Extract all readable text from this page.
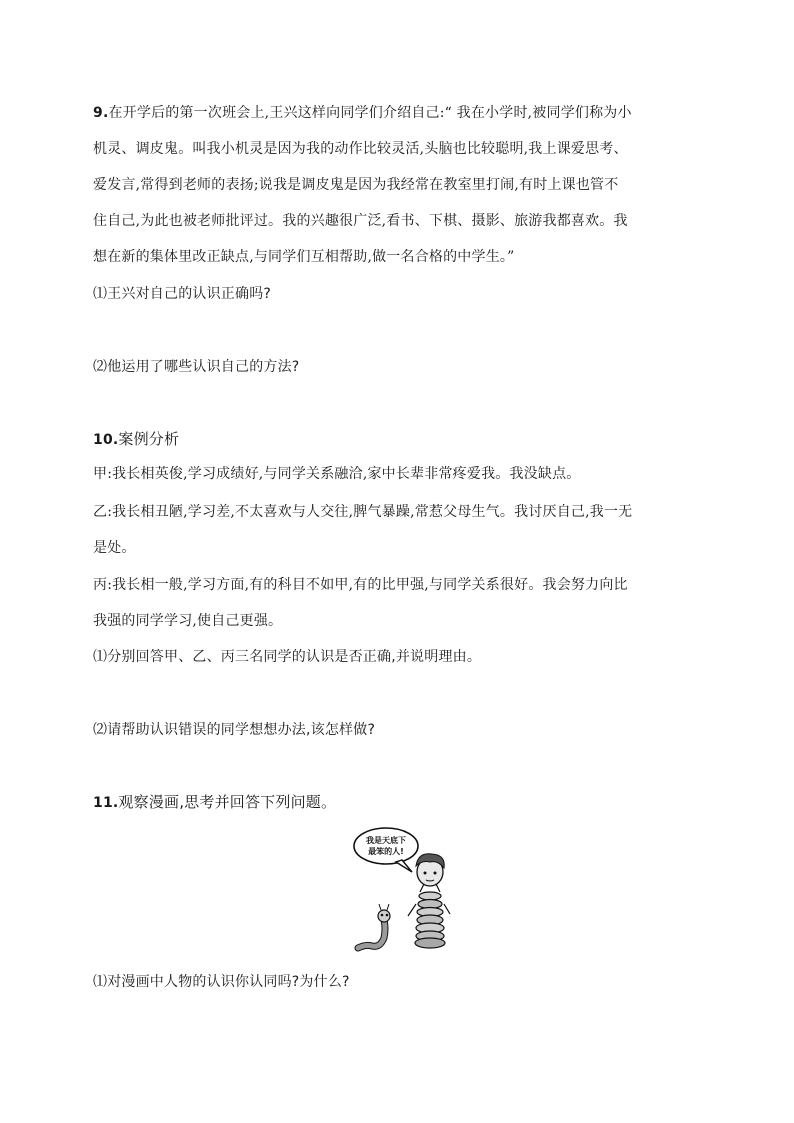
9.在开学后的第一次班会上,王兴这样向同学们介绍自己:“ 我在小学时,被同学们称为小
机灵、调皮鬼。叫我小机灵是因为我的动作比较灵活,头脑也比较聪明,我上课爱思考、
爱发言,常得到老师的表扬;说我是调皮鬼是因为我经常在教室里打闹,有时上课也管不
住自己,为此也被老师批评过。我的兴趣很广泛,看书、下棋、摄影、旅游我都喜欢。我
想在新的集体里改正缺点,与同学们互相帮助,做一名合格的中学生。”
⑴王兴对自己的认识正确吗?
⑵他运用了哪些认识自己的方法?
10.案例分析
甲:我长相英俊,学习成绩好,与同学关系融洽,家中长辈非常疼爱我。我没缺点。
乙:我长相丑陋,学习差,不太喜欢与人交往,脾气暴躁,常惹父母生气。我讨厌自己,我一无
是处。
丙:我长相一般,学习方面,有的科目不如甲,有的比甲强,与同学关系很好。我会努力向比
我强的同学学习,使自己更强。
⑴分别回答甲、乙、丙三名同学的认识是否正确,并说明理由。
⑵请帮助认识错误的同学想想办法,该怎样做?
11.观察漫画,思考并回答下列问题。
⑴对漫画中人物的认识你认同吗?为什么?
我是天底下
最笨的人!
